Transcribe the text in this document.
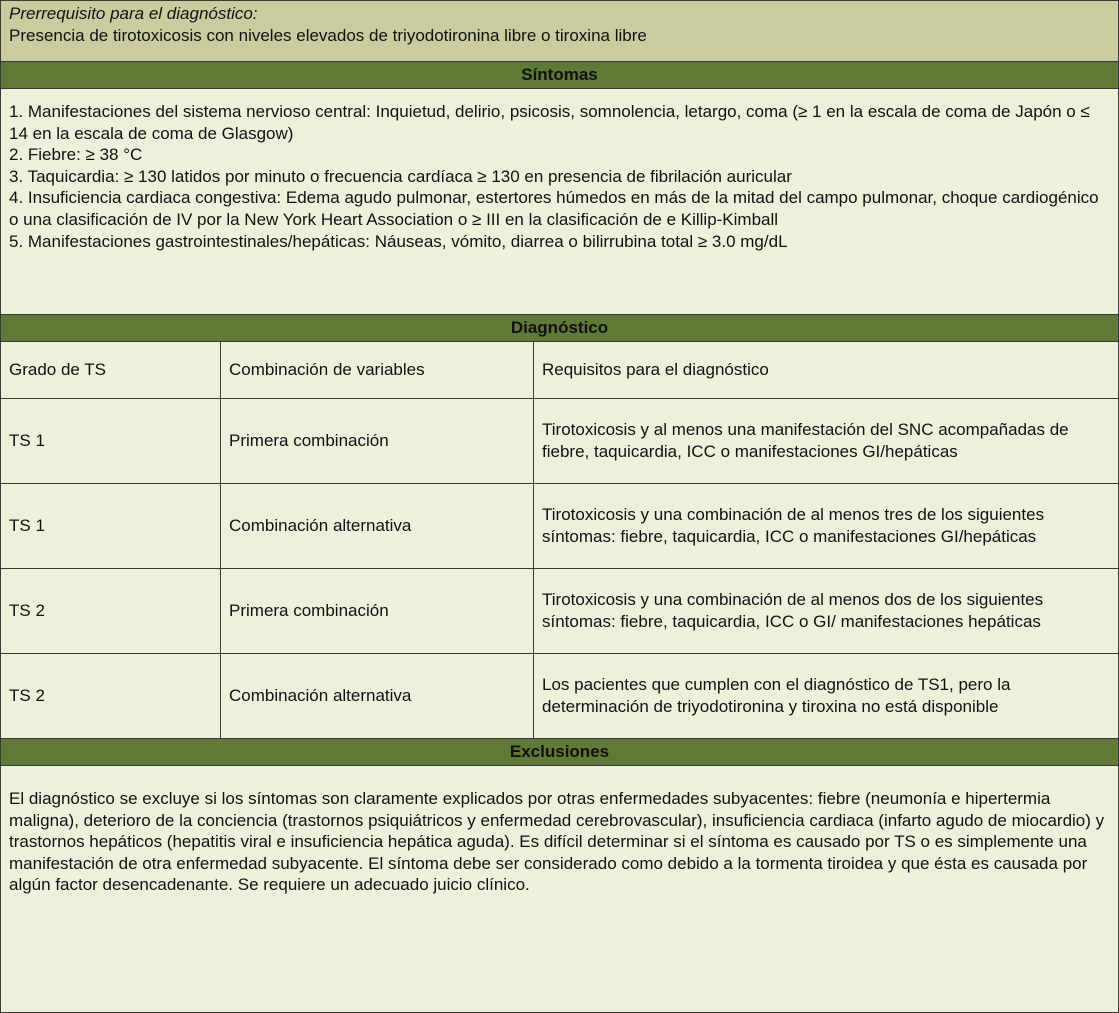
Prerrequisito para el diagnóstico:
Presencia de tirotoxicosis con niveles elevados de triyodotironina libre o tiroxina libre		

Síntomas		

1. Manifestaciones del sistema nervioso central: Inquietud, delirio, psicosis, somnolencia, letargo, coma (≥ 1 en la escala de coma de Japón o ≤ 14 en la escala de coma de Glasgow)
2. Fiebre: ≥ 38 °C
3. Taquicardia: ≥ 130 latidos por minuto o frecuencia cardíaca ≥ 130 en presencia de fibrilación auricular
4. Insuficiencia cardiaca congestiva: Edema agudo pulmonar, estertores húmedos en más de la mitad del campo pulmonar, choque cardiogénico o una clasificación de IV por la New York Heart Association o ≥ III en la clasificación de e Killip-Kimball
5. Manifestaciones gastrointestinales/hepáticas: Náuseas, vómito, diarrea o bilirrubina total ≥ 3.0 mg/dL		

Diagnóstico		
Grado de TS	Combinación de variables	Requisitos para el diagnóstico
TS 1	Primera combinación	Tirotoxicosis y al menos una manifestación del SNC acompañadas de fiebre, taquicardia, ICC o manifestaciones GI/hepáticas
TS 1	Combinación alternativa	Tirotoxicosis y una combinación de al menos tres de los siguientes síntomas: fiebre, taquicardia, ICC o manifestaciones GI/hepáticas
TS 2	Primera combinación	Tirotoxicosis y una combinación de al menos dos de los siguientes síntomas: fiebre, taquicardia, ICC o GI/ manifestaciones hepáticas
TS 2	Combinación alternativa	Los pacientes que cumplen con el diagnóstico de TS1, pero la determinación de triyodotironina y tiroxina no está disponible
Exclusiones		
El diagnóstico se excluye si los síntomas son claramente explicados por otras enfermedades subyacentes: fiebre (neumonía e hipertermia maligna), deterioro de la conciencia (trastornos psiquiátricos y enfermedad cerebrovascular), insuficiencia cardiaca (infarto agudo de miocardio) y trastornos hepáticos (hepatitis viral e insuficiencia hepática aguda). Es difícil determinar si el síntoma es causado por TS o es simplemente una manifestación de otra enfermedad subyacente. El síntoma debe ser considerado como debido a la tormenta tiroidea y que ésta es causada por algún factor desencadenante. Se requiere un adecuado juicio clínico.		
